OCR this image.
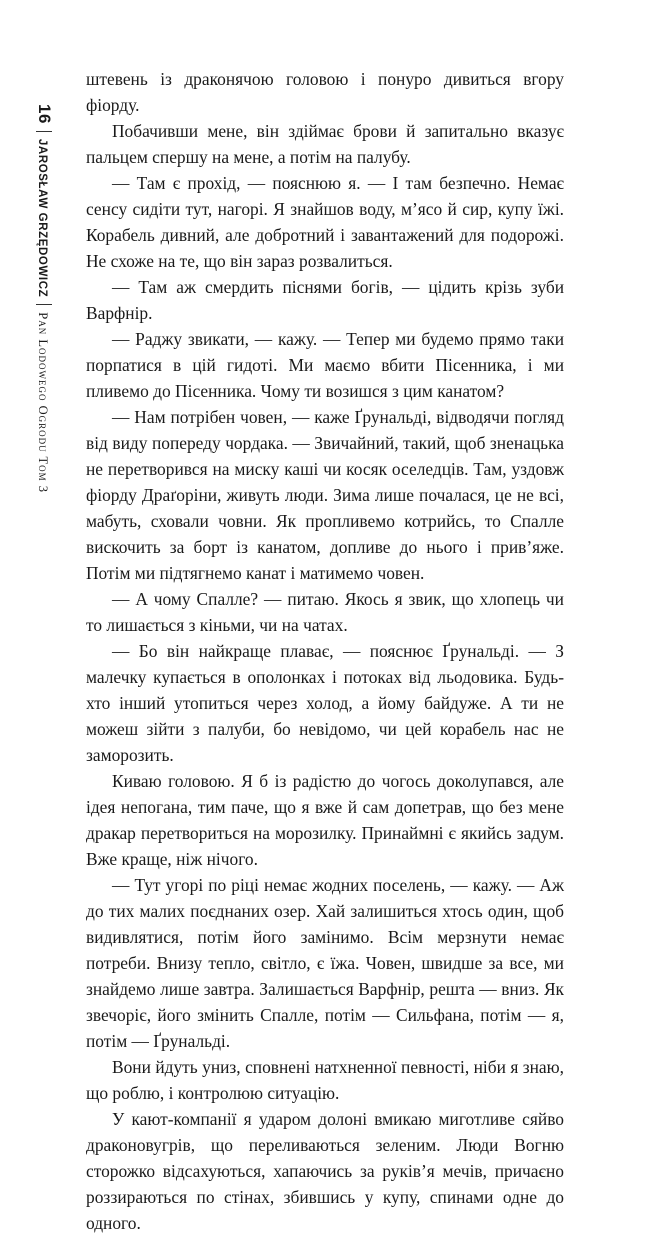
16
JAROSŁAW GRZĘDOWICZ
Pan Lodowego Ogrodu Tom 3

штевень із драконячою головою і понуро дивиться вгору фіорду.

Побачивши мене, він здіймає брови й запитально вказує пальцем спершу на мене, а потім на палубу.

— Там є прохід, — пояснюю я. — І там безпечно. Немає сенсу сидіти тут, нагорі. Я знайшов воду, м’ясо й сир, купу їжі. Корабель дивний, але добротний і завантажений для подорожі. Не схоже на те, що він зараз розвалиться.

— Там аж смердить піснями богів, — цідить крізь зуби Варфнір.

— Раджу звикати, — кажу. — Тепер ми будемо прямо таки порпатися в цій гидоті. Ми маємо вбити Пісенника, і ми пливемо до Пісенника. Чому ти возишся з цим канатом?

— Нам потрібен човен, — каже Ґрунальді, відводячи погляд від виду попереду чордака. — Звичайний, такий, щоб зненацька не перетворився на миску каші чи косяк оселедців. Там, уздовж фіорду Драґоріни, живуть люди. Зима лише почалася, це не всі, мабуть, сховали човни. Як пропливемо котрийсь, то Спалле вискочить за борт із канатом, допливе до нього і прив’яже. Потім ми підтягнемо канат і матимемо човен.

— А чому Спалле? — питаю. Якось я звик, що хлопець чи то лишається з кіньми, чи на чатах.

— Бо він найкраще плаває, — пояснює Ґрунальді. — З малечку купається в ополонках і потоках від льодовика. Будь-хто інший утопиться через холод, а йому байдуже. А ти не можеш зійти з палуби, бо невідомо, чи цей корабель нас не заморозить.

Киваю головою. Я б із радістю до чогось доколупався, але ідея непогана, тим паче, що я вже й сам допетрав, що без мене дракар перетвориться на морозилку. Принаймні є якийсь задум. Вже краще, ніж нічого.

— Тут угорі по ріці немає жодних поселень, — кажу. — Аж до тих малих поєднаних озер. Хай залишиться хтось один, щоб видивлятися, потім його замінимо. Всім мерзнути немає потреби. Внизу тепло, світло, є їжа. Човен, швидше за все, ми знайдемо лише завтра. Залишається Варфнір, решта — вниз. Як звечоріє, його змінить Спалле, потім — Сильфана, потім — я, потім — Ґрунальді.

Вони йдуть униз, сповнені натхненної певності, ніби я знаю, що роблю, і контролюю ситуацію.

У кают-компанії я ударом долоні вмикаю миготливе сяйво драконовугрів, що переливаються зеленим. Люди Вогню сторожко відсахуються, хапаючись за руків’я мечів, причаєно роззираються по стінах, збившись у купу, спинами одне до одного.
